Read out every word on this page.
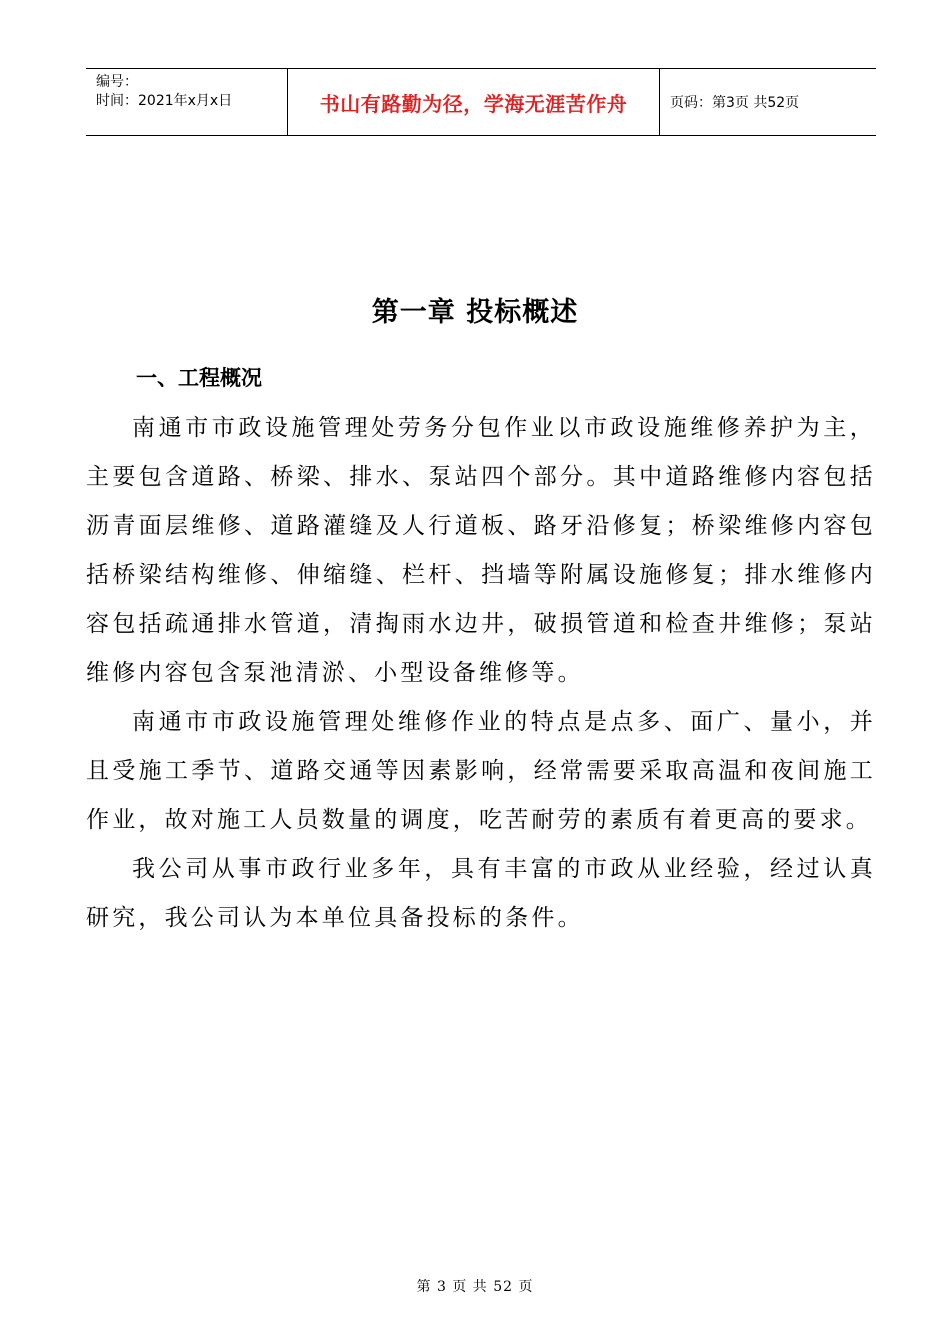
编号：
时间：2021年x月x日	书山有路勤为径，学海无涯苦作舟	页码：第3页 共52页
第一章 投标概述
一、工程概况

南通市市政设施管理处劳务分包作业以市政设施维修养护为主，主要包含道路、桥梁、排水、泵站四个部分。其中道路维修内容包括沥青面层维修、道路灌缝及人行道板、路牙沿修复；桥梁维修内容包括桥梁结构维修、伸缩缝、栏杆、挡墙等附属设施修复；排水维修内容包括疏通排水管道，清掏雨水边井，破损管道和检查井维修；泵站维修内容包含泵池清淤、小型设备维修等。

南通市市政设施管理处维修作业的特点是点多、面广、量小，并且受施工季节、道路交通等因素影响，经常需要采取高温和夜间施工作业，故对施工人员数量的调度，吃苦耐劳的素质有着更高的要求。

我公司从事市政行业多年，具有丰富的市政从业经验，经过认真研究，我公司认为本单位具备投标的条件。

第 3 页 共 52 页
